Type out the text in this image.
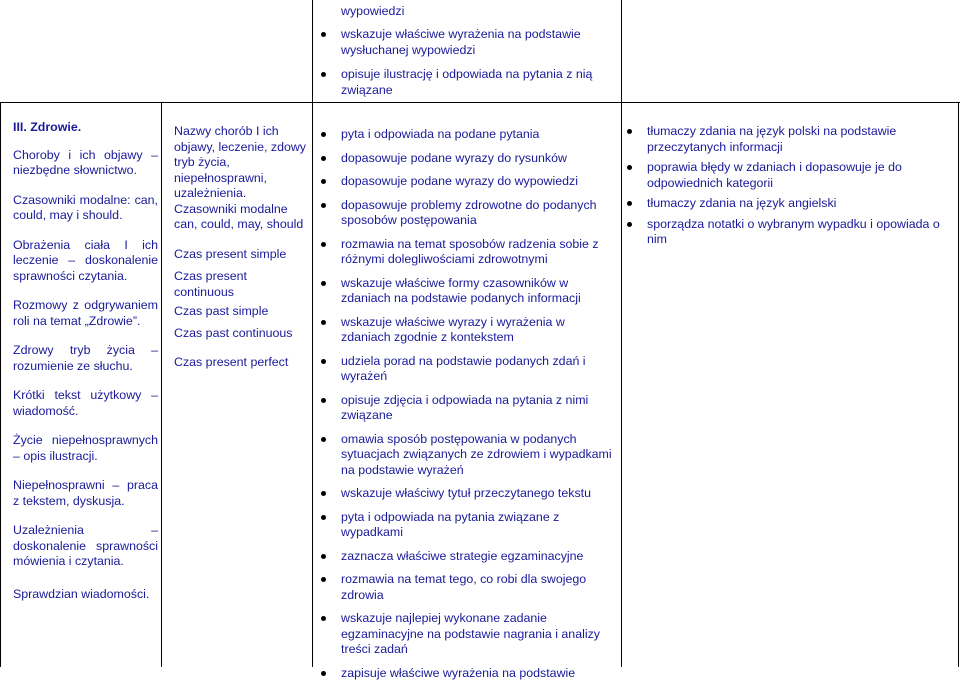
wypowiedzi
wskazuje właściwe wyrażenia na podstawie wysłuchanej wypowiedzi
opisuje ilustrację i odpowiada na pytania z nią związane
III. Zdrowie.
Choroby i ich objawy – niezbędne słownictwo.
Czasowniki modalne: can, could, may i should.
Obrażenia ciała I ich leczenie – doskonalenie sprawności czytania.
Rozmowy z odgrywaniem roli na temat „Zdrowie”.
Zdrowy tryb życia – rozumienie ze słuchu.
Krótki tekst użytkowy – wiadomość.
Życie niepełnosprawnych – opis ilustracji.
Niepełnosprawni – praca z tekstem, dyskusja.
Uzależnienia – doskonalenie sprawności mówienia i czytania.
Sprawdzian wiadomości.
Nazwy chorób I ich objawy, leczenie, zdowy tryb życia, niepełnosprawni, uzależnienia.
Czasowniki modalne can, could, may, should
Czas present simple
Czas present continuous
Czas past simple
Czas past continuous
Czas present perfect
pyta i odpowiada na podane pytania
dopasowuje podane wyrazy do rysunków
dopasowuje podane wyrazy do wypowiedzi
dopasowuje problemy zdrowotne do podanych sposobów postępowania
rozmawia na temat sposobów radzenia sobie z różnymi dolegliwościami zdrowotnymi
wskazuje właściwe formy czasowników w zdaniach na podstawie podanych informacji
wskazuje właściwe wyrazy i wyrażenia w zdaniach zgodnie z kontekstem
udziela porad na podstawie podanych zdań i wyrażeń
opisuje zdjęcia i odpowiada na pytania z nimi związane
omawia sposób postępowania w podanych sytuacjach związanych ze zdrowiem i wypadkami na podstawie wyrażeń
wskazuje właściwy tytuł przeczytanego tekstu
pyta i odpowiada na pytania związane z wypadkami
zaznacza właściwe strategie egzaminacyjne
rozmawia na temat tego, co robi dla swojego zdrowia
wskazuje najlepiej wykonane zadanie egzaminacyjne na podstawie nagrania i analizy treści zadań
zapisuje właściwe wyrażenia na podstawie
tłumaczy zdania na język polski na podstawie przeczytanych informacji
poprawia błędy w zdaniach i dopasowuje je do odpowiednich kategorii
tłumaczy zdania na język angielski
sporządza notatki o wybranym wypadku i opowiada o nim
